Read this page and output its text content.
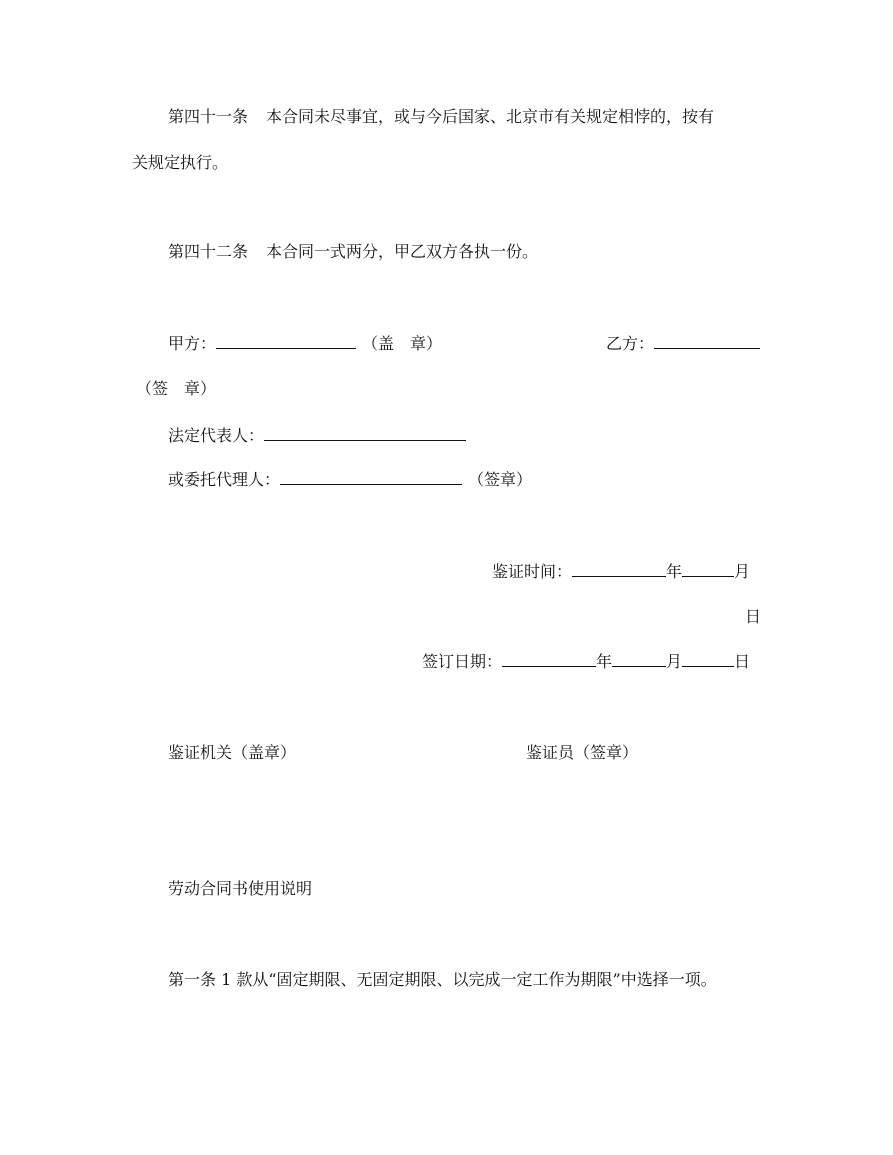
第四十一条 本合同未尽事宜，或与今后国家、北京市有关规定相悖的，按有
关规定执行。
第四十二条 本合同一式两分，甲乙双方各执一份。
甲方：	（盖　章）	乙方：
（签　章）
法定代表人：
或委托代理人：	（签章）
鉴证时间：	年	月
日
签订日期：	年	月	日
鉴证机关（盖章）	鉴证员（签章）
劳动合同书使用说明
第一条 1 款从“固定期限、无固定期限、以完成一定工作为期限”中选择一项。
